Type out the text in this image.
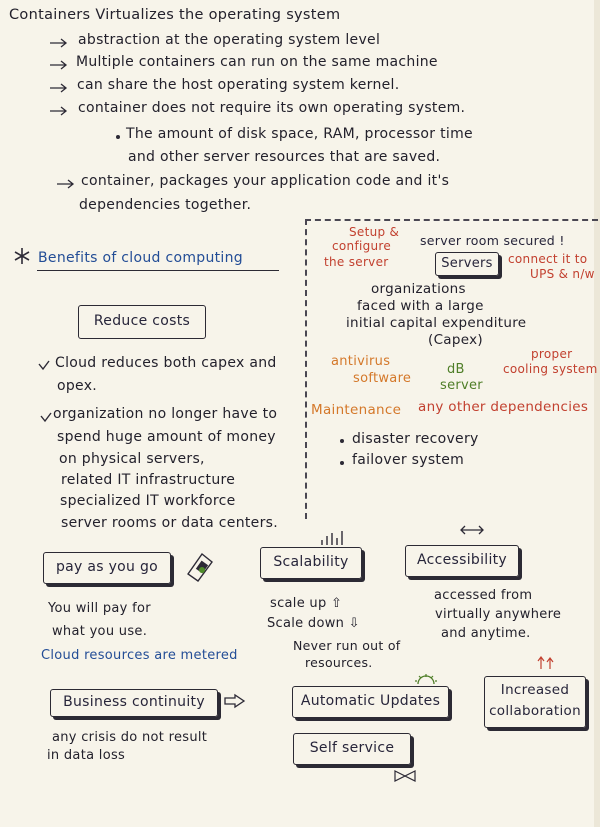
Containers Virtualizes the operating system
abstraction at the operating system level
Multiple containers can run on the same machine
can share the host operating system kernel.
container does not require its own operating system.
The amount of disk space, RAM, processor time
and other server resources that are saved.
container, packages your application code and it's
dependencies together.
Benefits of cloud computing
Reduce costs
Cloud reduces both capex and
opex.
organization no longer have to
spend huge amount of money
on physical servers,
related IT infrastructure
specialized IT workforce
server rooms or data centers.
Setup &
configure
the server
server room secured !
Servers	connect it to
UPS & n/w
organizations
faced with a large
initial capital expenditure
(Capex)
antivirus
software
dB
server
proper
cooling system
Maintenance any other dependencies
disaster recovery
failover system
pay as you go
You will pay for
what you use.
Cloud resources are metered
Scalability
scale up ⇧
Scale down ⇩
Never run out of
resources.
Accessibility
accessed from
virtually anywhere
and anytime.
Business continuity
any crisis do not result
in data loss
Automatic Updates
Increased
collaboration
Self service
